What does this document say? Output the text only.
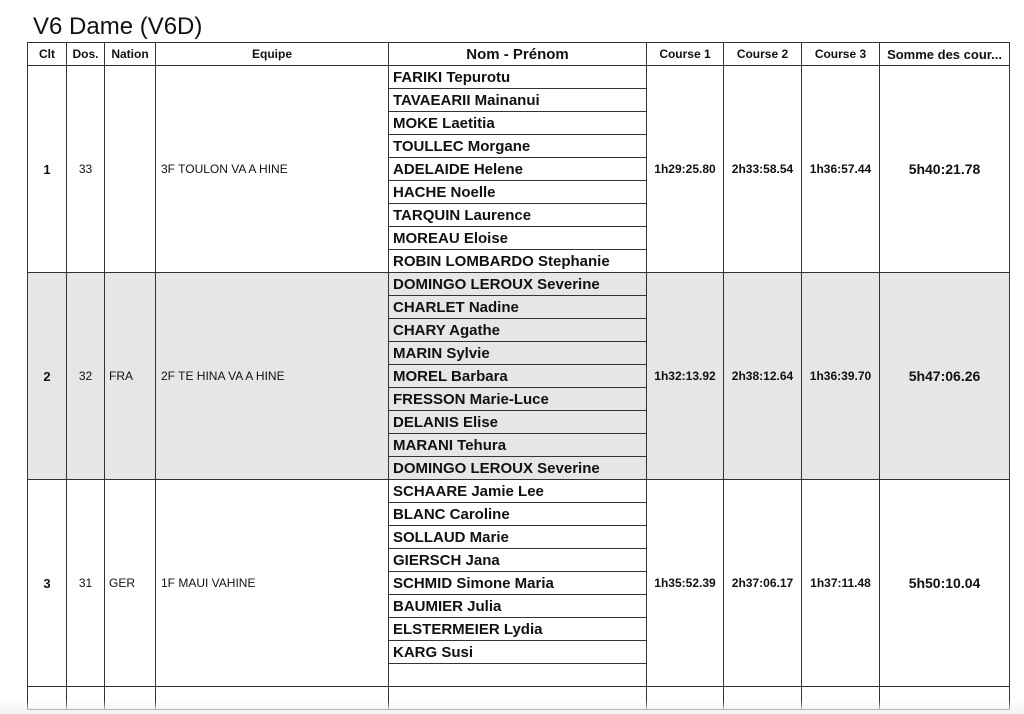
V6 Dame (V6D)
Clt	Dos.	Nation	Equipe	Nom - Prénom	Course 1	Course 2	Course 3	Somme des cour...
1	33		3F TOULON VA A HINE	FARIKI Tepurotu	1h29:25.80	2h33:58.54	1h36:57.44	5h40:21.78
				TAVAEARII Mainanui				
				MOKE Laetitia				
				TOULLEC Morgane				
				ADELAIDE Helene				
				HACHE Noelle				
				TARQUIN Laurence				
				MOREAU Eloise				
				ROBIN LOMBARDO Stephanie				
2	32	FRA	2F TE HINA VA A HINE	DOMINGO LEROUX Severine	1h32:13.92	2h38:12.64	1h36:39.70	5h47:06.26
				CHARLET Nadine				
				CHARY Agathe				
				MARIN Sylvie				
				MOREL Barbara				
				FRESSON Marie-Luce				
				DELANIS Elise				
				MARANI Tehura				
				DOMINGO LEROUX Severine				
3	31	GER	1F MAUI VAHINE	SCHAARE Jamie Lee	1h35:52.39	2h37:06.17	1h37:11.48	5h50:10.04
				BLANC Caroline				
				SOLLAUD Marie				
				GIERSCH Jana				
				SCHMID Simone Maria				
				BAUMIER Julia				
				ELSTERMEIER Lydia				
				KARG Susi				
